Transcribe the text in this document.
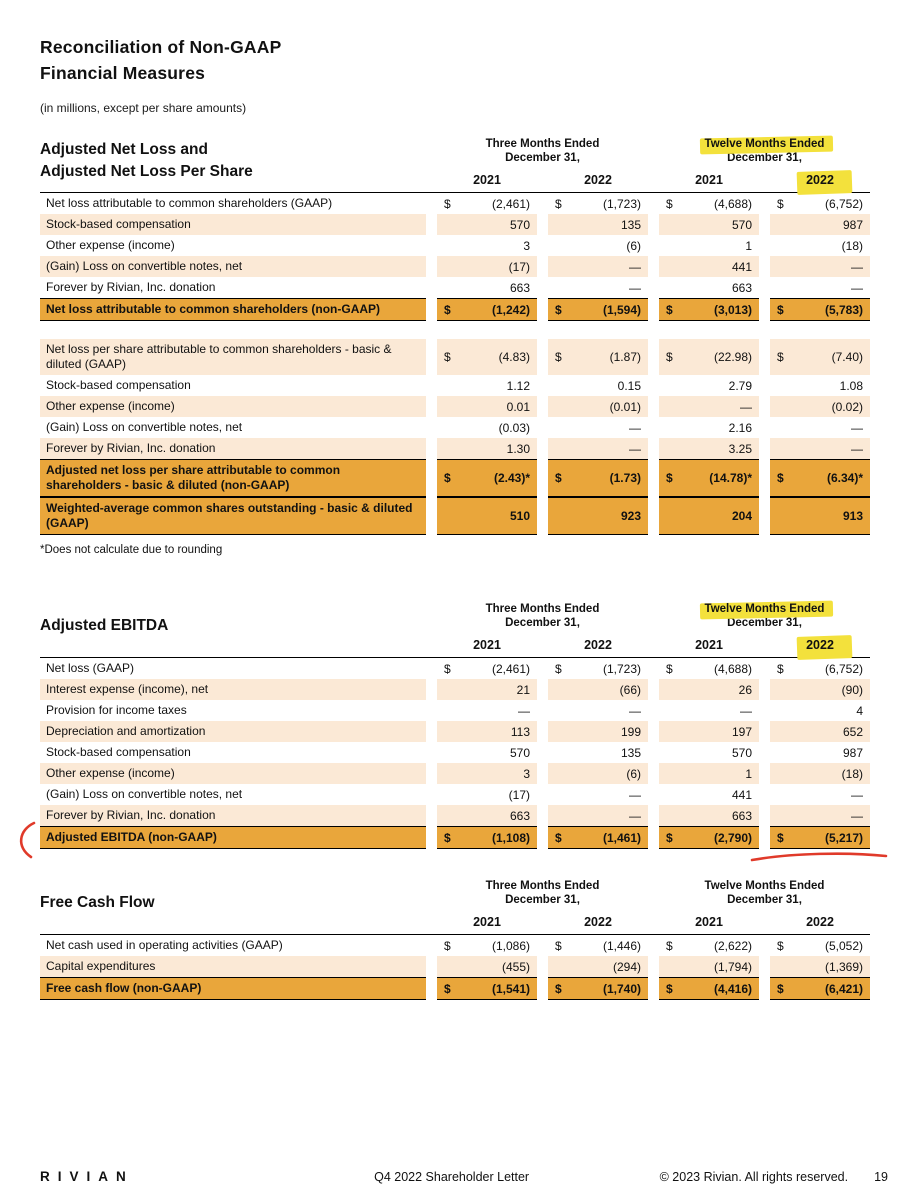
Reconciliation of Non-GAAP
Financial Measures
(in millions, except per share amounts)
Adjusted Net Loss and
Adjusted Net Loss Per Share
Three Months Ended
December 31,
Twelve Months Ended
December 31,
2021	2022	2021	2022
Net loss attributable to common shareholders (GAAP)	$	(2,461) $	(1,723) $	(4,688) $	(6,752)
Stock-based compensation	570	135	570	987
Other expense (income)	3	(6)	1	(18)
(Gain) Loss on convertible notes, net	(17)	—	441	—
Forever by Rivian, Inc. donation	663	—	663	—
Net loss attributable to common shareholders (non-GAAP)	$	(1,242) $	(1,594) $	(3,013) $	(5,783)
Net loss per share attributable to common shareholders - basic & diluted (GAAP)	$	(4.83) $	(1.87) $	(22.98) $	(7.40)
Stock-based compensation	1.12	0.15	2.79	1.08
Other expense (income)	0.01	(0.01)	—	(0.02)
(Gain) Loss on convertible notes, net	(0.03)	—	2.16	—
Forever by Rivian, Inc. donation	1.30	—	3.25	—
Adjusted net loss per share attributable to common shareholders - basic & diluted (non-GAAP)	$	(2.43)* $	(1.73) $	(14.78)* $	(6.34)*
Weighted-average common shares outstanding - basic & diluted (GAAP)	510	923	204	913
*Does not calculate due to rounding
Adjusted EBITDA
Three Months Ended
December 31,
Twelve Months Ended
December 31,
2021	2022	2021	2022
Net loss (GAAP)	$	(2,461) $	(1,723) $	(4,688) $	(6,752)
Interest expense (income), net	21	(66)	26	(90)
Provision for income taxes	—	—	—	4
Depreciation and amortization	113	199	197	652
Stock-based compensation	570	135	570	987
Other expense (income)	3	(6)	1	(18)
(Gain) Loss on convertible notes, net	(17)	—	441	—
Forever by Rivian, Inc. donation	663	—	663	—
Adjusted EBITDA (non-GAAP)	$	(1,108) $	(1,461) $	(2,790) $	(5,217)
Free Cash Flow
Three Months Ended
December 31,
Twelve Months Ended
December 31,
2021	2022	2021	2022
Net cash used in operating activities (GAAP)	$	(1,086) $	(1,446) $	(2,622) $	(5,052)
Capital expenditures	(455)	(294)	(1,794)	(1,369)
Free cash flow (non-GAAP)	$	(1,541) $	(1,740) $	(4,416) $	(6,421)
RIVIAN	Q4 2022 Shareholder Letter	© 2023 Rivian. All rights reserved. 19
